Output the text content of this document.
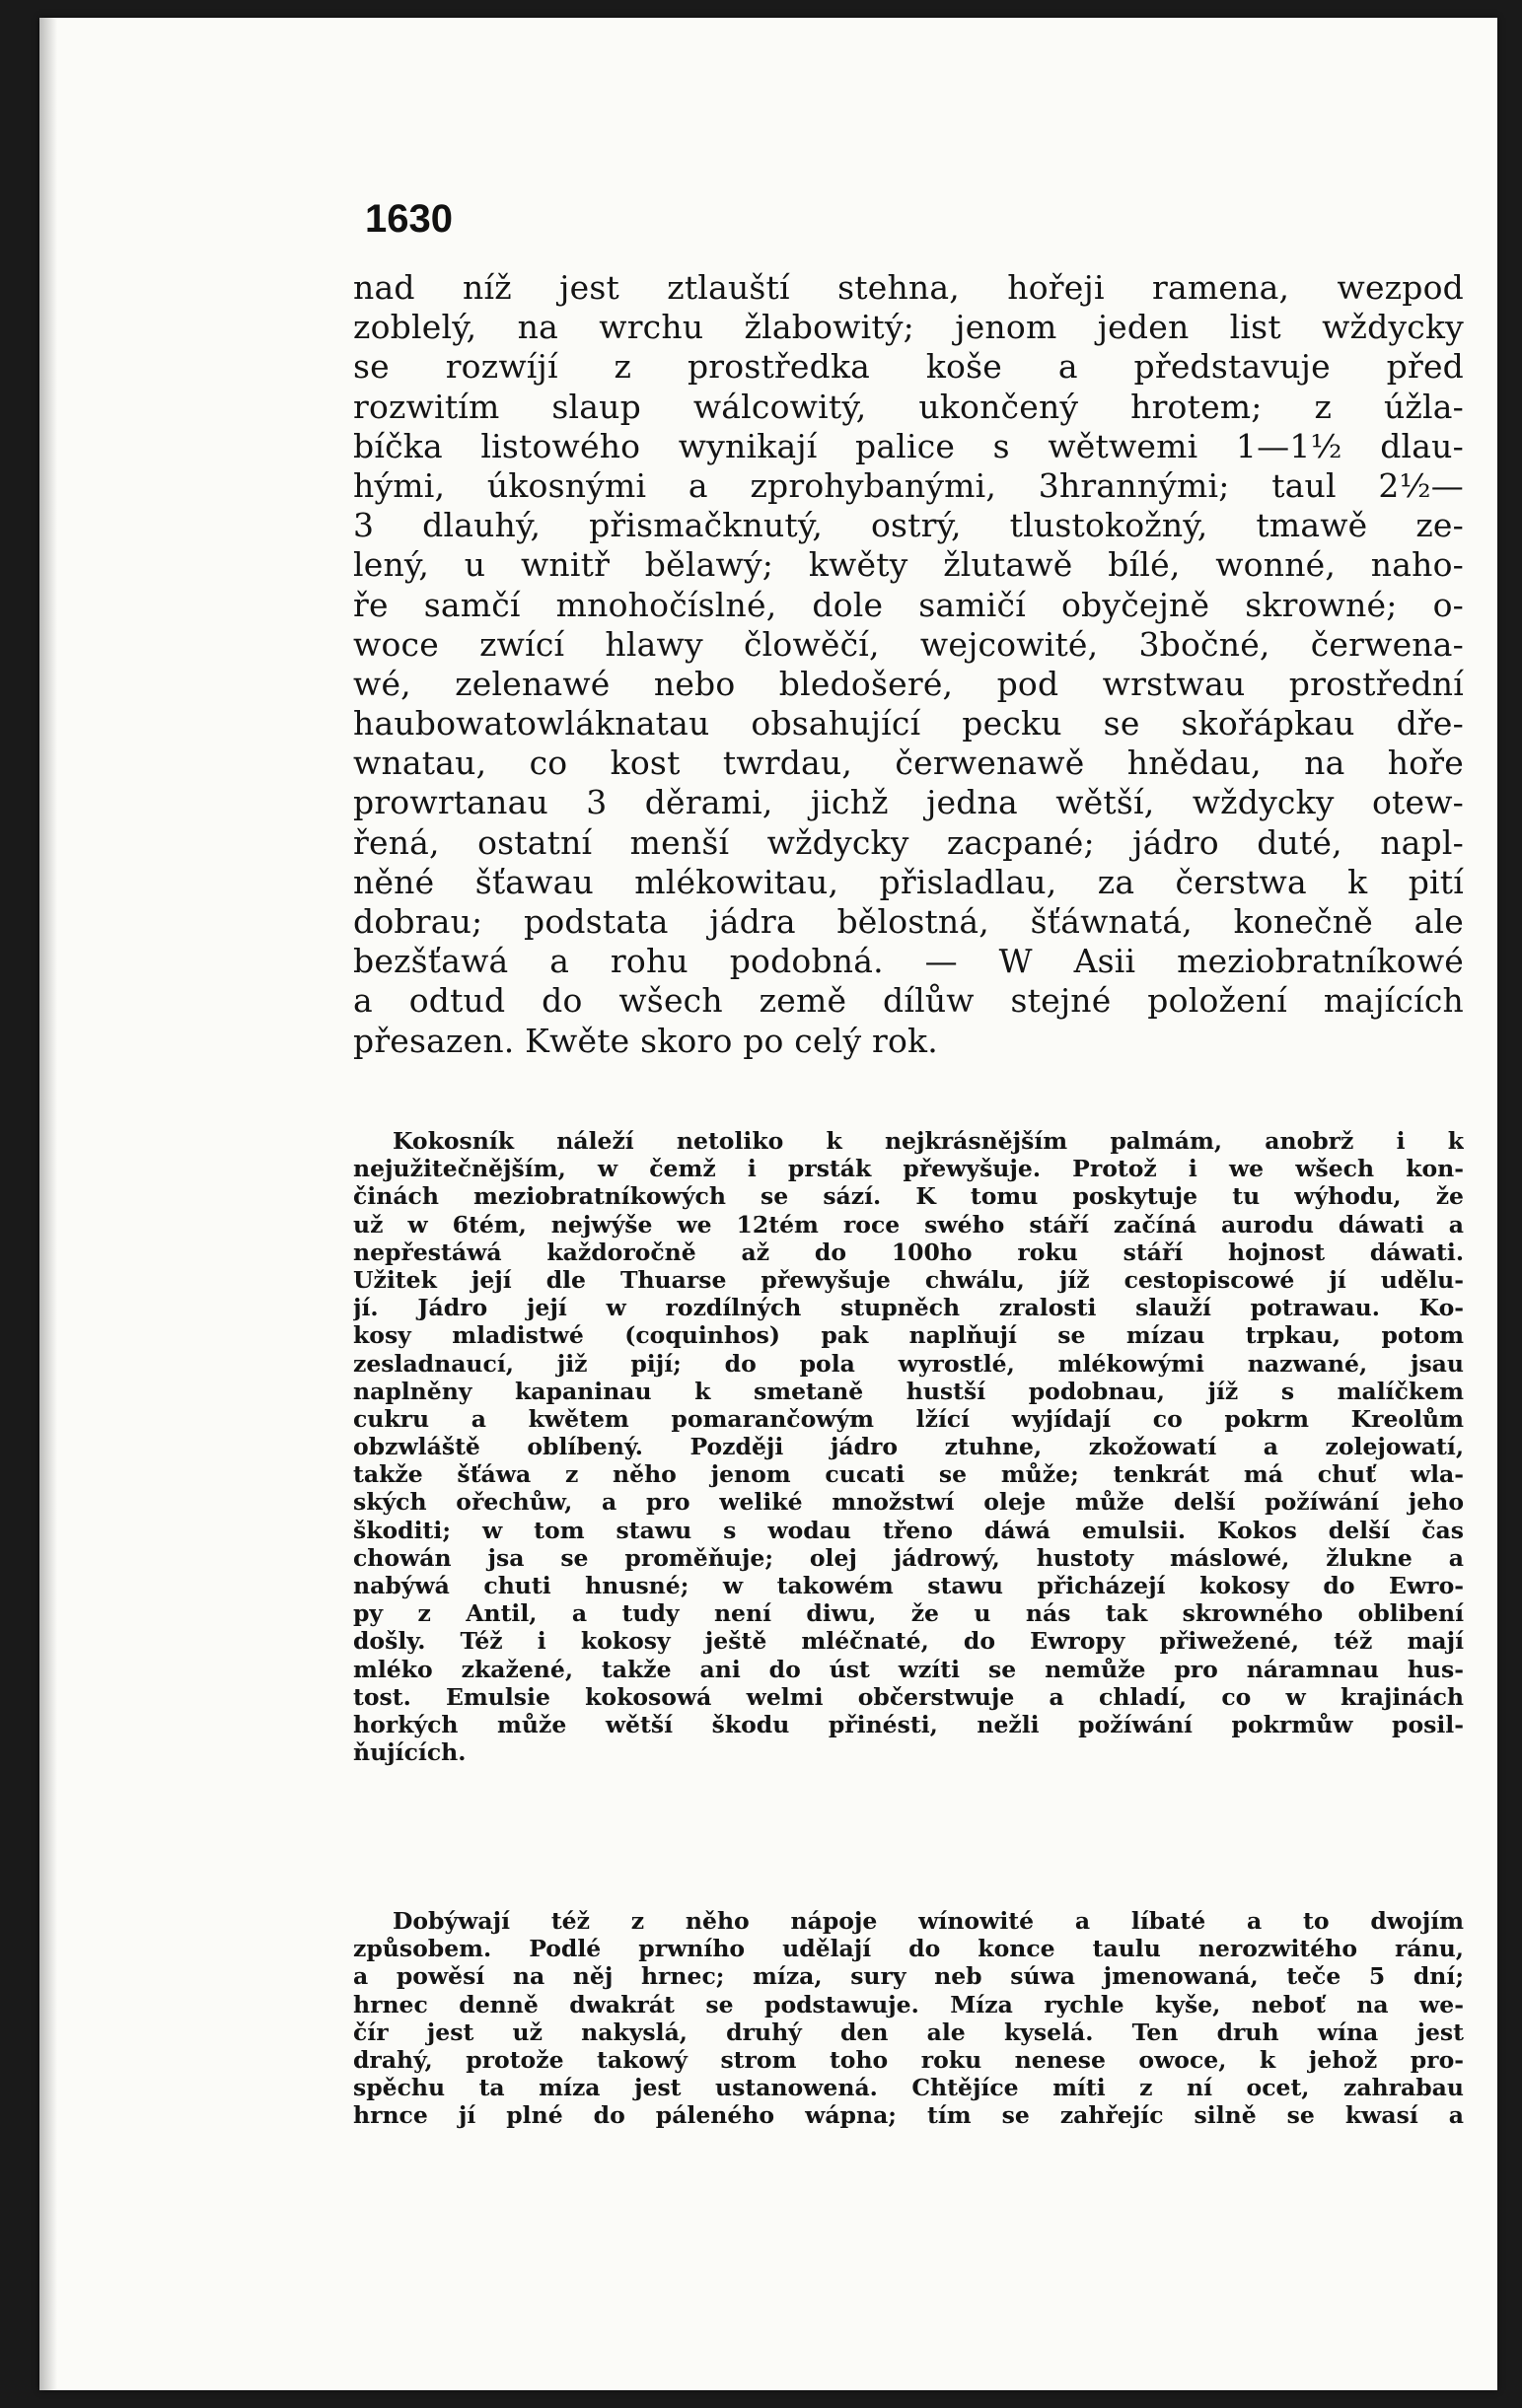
1630
nad níž jest ztlauští stehna, hořeji ramena, wezpod
zoblelý, na wrchu žlabowitý; jenom jeden list wždycky
se rozwíjí z prostředka koše a představuje před
rozwitím slaup wálcowitý, ukončený hrotem; z úžla-
bíčka listowého wynikají palice s wětwemi 1—1½ dlau-
hými, úkosnými a zprohybanými, 3hrannými; taul 2½—
3 dlauhý, přismačknutý, ostrý, tlustokožný, tmawě ze-
lený, u wnitř bělawý; kwěty žlutawě bílé, wonné, naho-
ře samčí mnohočíslné, dole samičí obyčejně skrowné; o-
woce zwící hlawy člowěčí, wejcowité, 3bočné, čerwena-
wé, zelenawé nebo bledošeré, pod wrstwau prostřední
haubowatowláknatau obsahující pecku se skořápkau dře-
wnatau, co kost twrdau, čerwenawě hnědau, na hoře
prowrtanau 3 děrami, jichž jedna wětší, wždycky otew-
řená, ostatní menší wždycky zacpané; jádro duté, napl-
něné šťawau mlékowitau, přisladlau, za čerstwa k pití
dobrau; podstata jádra bělostná, šťáwnatá, konečně ale
bezšťawá a rohu podobná. — W Asii meziobratníkowé
a odtud do wšech země dílůw stejné položení majících
přesazen. Kwěte skoro po celý rok.
Kokosník náleží netoliko k nejkrásnějším palmám, anobrž i k
nejužitečnějším, w čemž i prsták přewyšuje. Protož i we wšech kon-
činách meziobratníkowých se sází. K tomu poskytuje tu wýhodu, že
už w 6tém, nejwýše we 12tém roce swého stáří začíná aurodu dáwati a
nepřestáwá každoročně až do 100ho roku stáří hojnost dáwati.
Užitek její dle Thuarse přewyšuje chwálu, jíž cestopiscowé jí udělu-
jí. Jádro její w rozdílných stupněch zralosti slauží potrawau. Ko-
kosy mladistwé (coquinhos) pak naplňují se mízau trpkau, potom
zesladnaucí, již pijí; do pola wyrostlé, mlékowými nazwané, jsau
naplněny kapaninau k smetaně hustší podobnau, jíž s malíčkem
cukru a kwětem pomarančowým lžící wyjídají co pokrm Kreolům
obzwláště oblíbený. Později jádro ztuhne, zkožowatí a zolejowatí,
takže šťáwa z něho jenom cucati se může; tenkrát má chuť wla-
ských ořechůw, a pro weliké množstwí oleje může delší požíwání jeho
škoditi; w tom stawu s wodau třeno dáwá emulsii. Kokos delší čas
chowán jsa se proměňuje; olej jádrowý, hustoty máslowé, žlukne a
nabýwá chuti hnusné; w takowém stawu přicházejí kokosy do Ewro-
py z Antil, a tudy není diwu, že u nás tak skrowného oblibení
došly. Též i kokosy ještě mléčnaté, do Ewropy přiwežené, též mají
mléko zkažené, takže ani do úst wzíti se nemůže pro náramnau hus-
tost. Emulsie kokosowá welmi občerstwuje a chladí, co w krajinách
horkých může wětší škodu přinésti, nežli požíwání pokrmůw posil-
ňujících.
Dobýwají též z něho nápoje wínowité a líbaté a to dwojím
způsobem. Podlé prwního udělají do konce taulu nerozwitého ránu,
a powěsí na něj hrnec; míza, sury neb súwa jmenowaná, teče 5 dní;
hrnec denně dwakrát se podstawuje. Míza rychle kyše, neboť na we-
čír jest už nakyslá, druhý den ale kyselá. Ten druh wína jest
drahý, protože takowý strom toho roku nenese owoce, k jehož pro-
spěchu ta míza jest ustanowená. Chtějíce míti z ní ocet, zahrabau
hrnce jí plné do páleného wápna; tím se zahřejíc silně se kwasí a
